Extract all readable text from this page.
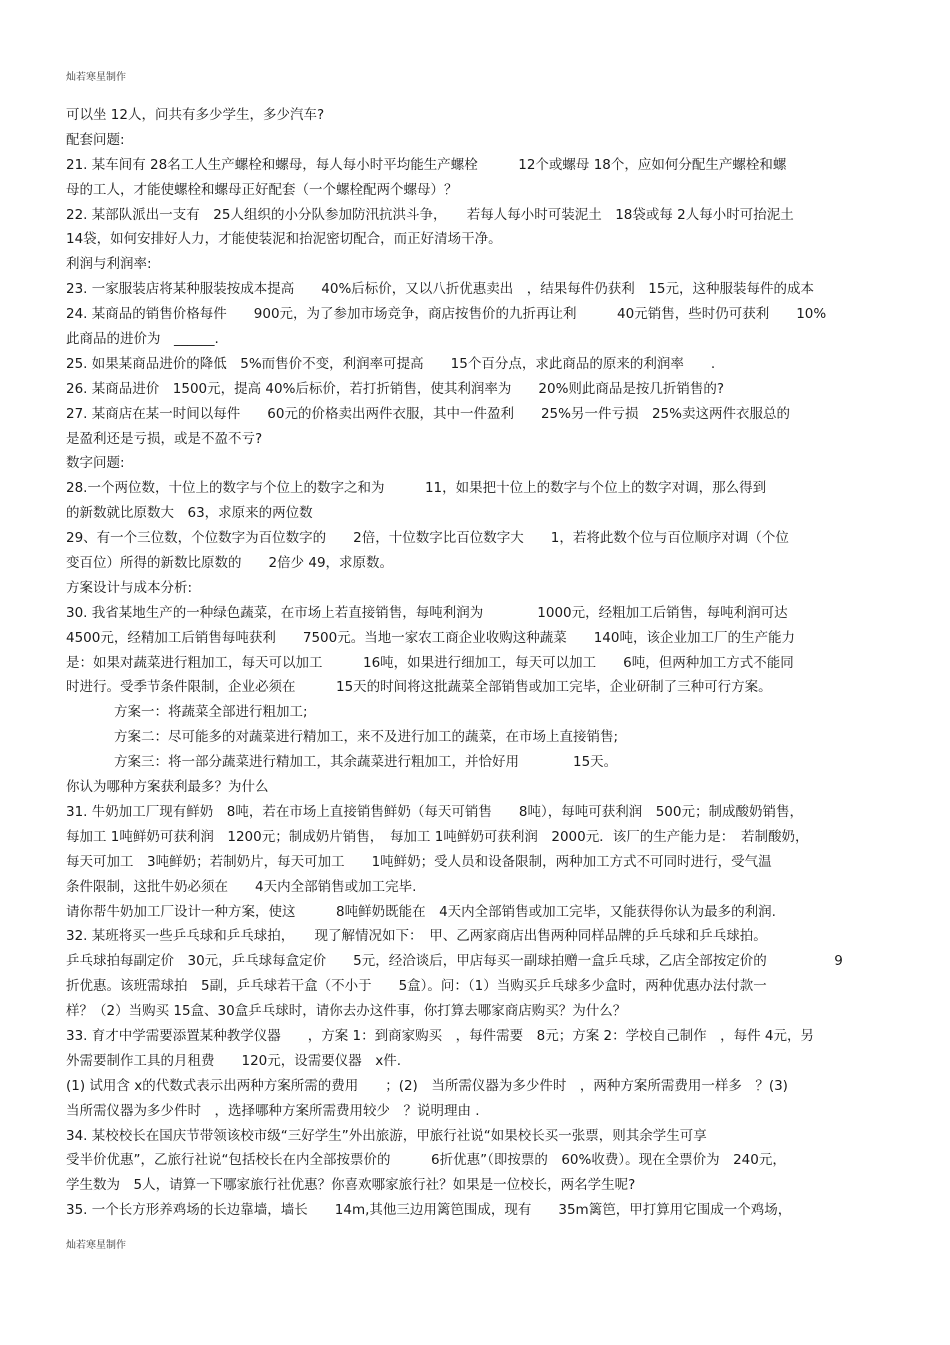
灿若寒星制作
可以坐 12人，问共有多少学生，多少汽车?
配套问题:
21. 某车间有 28名工人生产螺栓和螺母，每人每小时平均能生产螺栓　　　12个或螺母 18个，应如何分配生产螺栓和螺
母的工人，才能使螺栓和螺母正好配套（一个螺栓配两个螺母）？
22. 某部队派出一支有　25人组织的小分队参加防汛抗洪斗争，　　若每人每小时可装泥土　18袋或每 2人每小时可抬泥土
14袋，如何安排好人力，才能使装泥和抬泥密切配合，而正好清场干净。
利润与利润率:
23. 一家服装店将某种服装按成本提高　　40%后标价，又以八折优惠卖出　，结果每件仍获利　15元，这种服装每件的成本
24. 某商品的销售价格每件　　900元，为了参加市场竞争，商店按售价的九折再让利　　　40元销售，些时仍可获利　　10%
此商品的进价为　______.
25. 如果某商品进价的降低　5%而售价不变，利润率可提高　　15个百分点，求此商品的原来的利润率　　.
26. 某商品进价　1500元，提高 40%后标价，若打折销售，使其利润率为　　20%则此商品是按几折销售的?
27. 某商店在某一时间以每件　　60元的价格卖出两件衣服，其中一件盈利　　25%另一件亏损　25%卖这两件衣服总的
是盈利还是亏损，或是不盈不亏?
数字问题:
28.一个两位数，十位上的数字与个位上的数字之和为　　　11，如果把十位上的数字与个位上的数字对调，那么得到
的新数就比原数大　63，求原来的两位数
29、有一个三位数，个位数字为百位数字的　　2倍，十位数字比百位数字大　　1，若将此数个位与百位顺序对调（个位
变百位）所得的新数比原数的　　2倍少 49，求原数。
方案设计与成本分析:
30. 我省某地生产的一种绿色蔬菜，在市场上若直接销售，每吨利润为　　　　1000元，经粗加工后销售，每吨利润可达
4500元，经精加工后销售每吨获利　　7500元。当地一家农工商企业收购这种蔬菜　　140吨，该企业加工厂的生产能力
是：如果对蔬菜进行粗加工，每天可以加工　　　16吨，如果进行细加工，每天可以加工　　6吨，但两种加工方式不能同
时进行。受季节条件限制，企业必须在　　　15天的时间将这批蔬菜全部销售或加工完毕，企业研制了三种可行方案。
方案一：将蔬菜全部进行粗加工;
方案二：尽可能多的对蔬菜进行精加工，来不及进行加工的蔬菜，在市场上直接销售;
方案三：将一部分蔬菜进行精加工，其余蔬菜进行粗加工，并恰好用　　　　15天。
你认为哪种方案获利最多？为什么
31. 牛奶加工厂现有鲜奶　8吨，若在市场上直接销售鲜奶（每天可销售　　8吨），每吨可获利润　500元；制成酸奶销售，
每加工 1吨鲜奶可获利润　1200元；制成奶片销售，　每加工 1吨鲜奶可获利润　2000元．该厂的生产能力是：　若制酸奶，
每天可加工　3吨鲜奶；若制奶片，每天可加工　　1吨鲜奶；受人员和设备限制，两种加工方式不可同时进行，受气温
条件限制，这批牛奶必须在　　4天内全部销售或加工完毕.
请你帮牛奶加工厂设计一种方案，使这　　　8吨鲜奶既能在　4天内全部销售或加工完毕，又能获得你认为最多的利润.
32. 某班将买一些乒乓球和乒乓球拍，　　现了解情况如下：　甲、乙两家商店出售两种同样品牌的乒乓球和乒乓球拍。
乒乓球拍每副定价　30元，乒乓球每盒定价　　5元，经洽谈后，甲店每买一副球拍赠一盒乒乓球，乙店全部按定价的　　　　　9
折优惠。该班需球拍　5副，乒乓球若干盒（不小于　　5盒）。问：（1）当购买乒乓球多少盒时，两种优惠办法付款一
样？（2）当购买 15盒、30盒乒乓球时，请你去办这件事，你打算去哪家商店购买？为什么？
33. 育才中学需要添置某种教学仪器　　，方案 1：到商家购买　，每件需要　8元；方案 2：学校自己制作　，每件 4元，另
外需要制作工具的月租费　　120元，设需要仪器　x件.
(1) 试用含 x的代数式表示出两种方案所需的费用　　；(2)　当所需仪器为多少件时　，两种方案所需费用一样多　？(3)
当所需仪器为多少件时　，选择哪种方案所需费用较少　？说明理由 .
34. 某校校长在国庆节带领该校市级“三好学生”外出旅游，甲旅行社说“如果校长买一张票，则其余学生可享
受半价优惠”，乙旅行社说“包括校长在内全部按票价的　　　6折优惠”（即按票的　60%收费）。现在全票价为　240元，
学生数为　5人，请算一下哪家旅行社优惠？你喜欢哪家旅行社？如果是一位校长，两名学生呢?
35. 一个长方形养鸡场的长边靠墙，墙长　　14m,其他三边用篱笆围成，现有　　35m篱笆，甲打算用它围成一个鸡场，
灿若寒星制作
